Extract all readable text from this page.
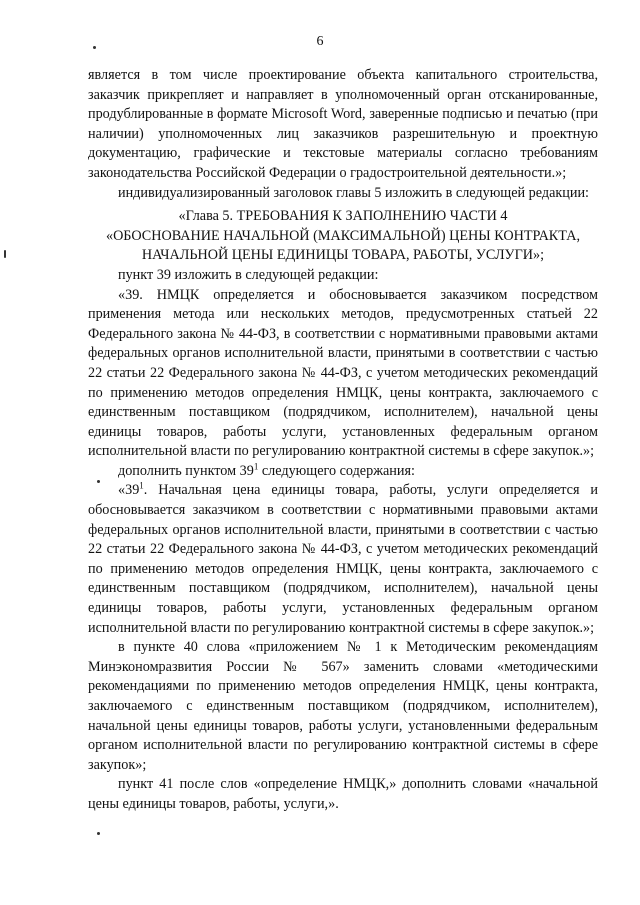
6

является в том числе проектирование объекта капитального строительства, заказчик прикрепляет и направляет в уполномоченный орган отсканированные, продублированные в формате Microsoft Word, заверенные подписью и печатью (при наличии) уполномоченных лиц заказчиков разрешительную и проектную документацию, графические и текстовые материалы согласно требованиям законодательства Российской Федерации о градостроительной деятельности.»;

индивидуализированный заголовок главы 5 изложить в следующей редакции:

«Глава 5. ТРЕБОВАНИЯ К ЗАПОЛНЕНИЮ ЧАСТИ 4

«ОБОСНОВАНИЕ НАЧАЛЬНОЙ (МАКСИМАЛЬНОЙ) ЦЕНЫ КОНТРАКТА,

НАЧАЛЬНОЙ ЦЕНЫ ЕДИНИЦЫ ТОВАРА, РАБОТЫ, УСЛУГИ»;

пункт 39 изложить в следующей редакции:

«39. НМЦК определяется и обосновывается заказчиком посредством применения метода или нескольких методов, предусмотренных статьей 22 Федерального закона № 44-ФЗ, в соответствии с нормативными правовыми актами федеральных органов исполнительной власти, принятыми в соответствии с частью 22 статьи 22 Федерального закона № 44-ФЗ, с учетом методических рекомендаций по применению методов определения НМЦК, цены контракта, заключаемого с единственным поставщиком (подрядчиком, исполнителем), начальной цены единицы товаров, работы услуги, установленных федеральным органом исполнительной власти по регулированию контрактной системы в сфере закупок.»;

дополнить пунктом $39^1$ следующего содержания:

«$39^1$. Начальная цена единицы товара, работы, услуги определяется и обосновывается заказчиком в соответствии с нормативными правовыми актами федеральных органов исполнительной власти, принятыми в соответствии с частью 22 статьи 22 Федерального закона № 44-ФЗ, с учетом методических рекомендаций по применению методов определения НМЦК, цены контракта, заключаемого с единственным поставщиком (подрядчиком, исполнителем), начальной цены единицы товаров, работы услуги, установленных федеральным органом исполнительной власти по регулированию контрактной системы в сфере закупок.»;

в пункте 40 слова «приложением № 1 к Методическим рекомендациям Минэкономразвития России № 567» заменить словами «методическими рекомендациями по применению методов определения НМЦК, цены контракта, заключаемого с единственным поставщиком (подрядчиком, исполнителем), начальной цены единицы товаров, работы услуги, установленными федеральным органом исполнительной власти по регулированию контрактной системы в сфере закупок»;

пункт 41 после слов «определение НМЦК,» дополнить словами «начальной цены единицы товаров, работы, услуги,».
